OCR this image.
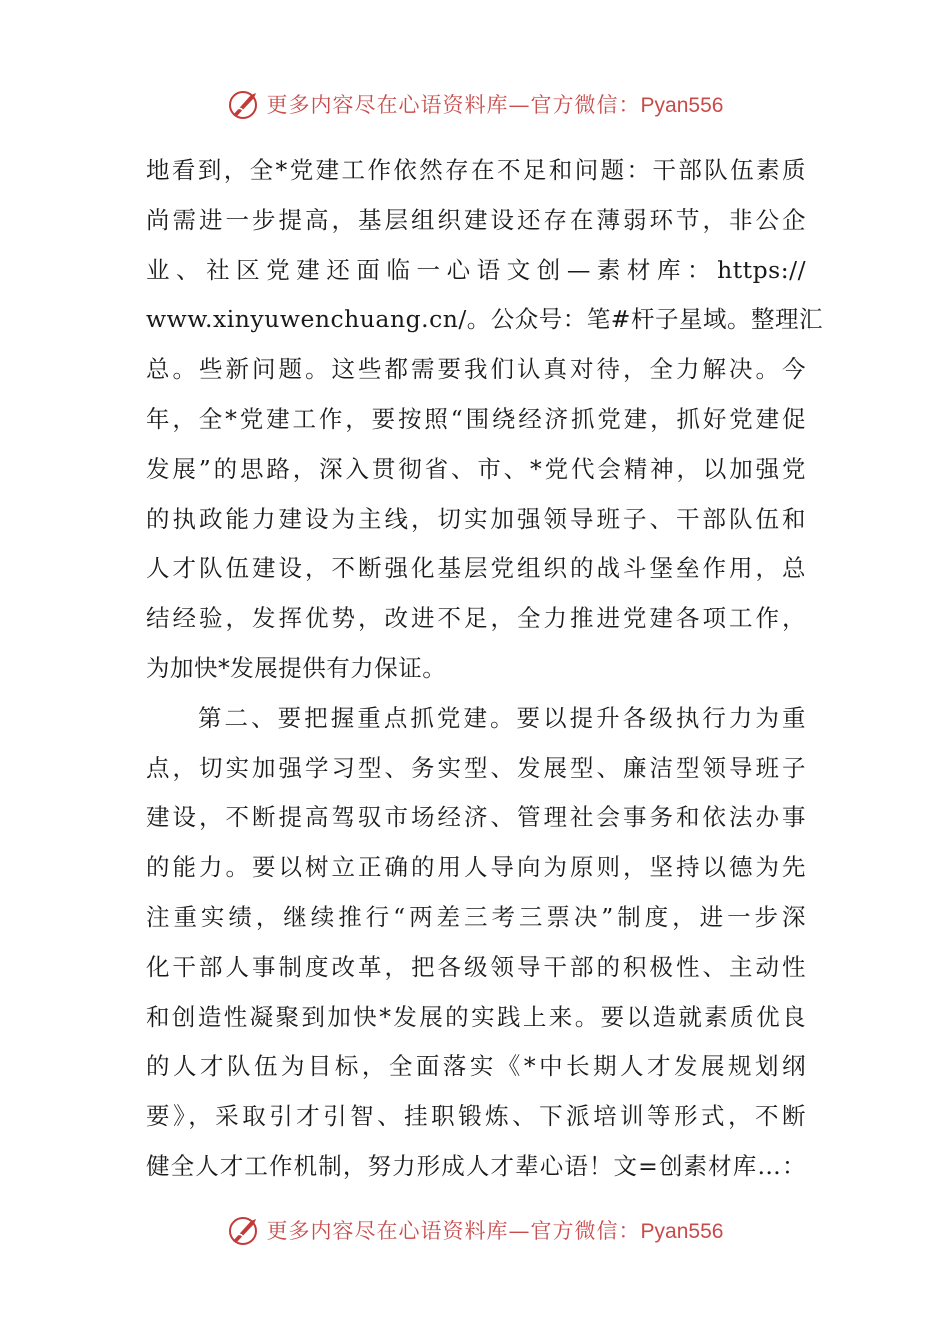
更多内容尽在心语资料库—官方微信：Pyan556
地看到，全*党建工作依然存在不足和问题：干部队伍素质
尚需进一步提高，基层组织建设还存在薄弱环节，非公企
业、社区党建还面临一心语文创—素材库：https://
www.xinyuwenchuang.cn/。公众号：笔#杆子星域。整理汇
总。些新问题。这些都需要我们认真对待，全力解决。今
年，全*党建工作，要按照“围绕经济抓党建，抓好党建促
发展”的思路，深入贯彻省、市、*党代会精神，以加强党
的执政能力建设为主线，切实加强领导班子、干部队伍和
人才队伍建设，不断强化基层党组织的战斗堡垒作用，总
结经验，发挥优势，改进不足，全力推进党建各项工作，
为加快*发展提供有力保证。
第二、要把握重点抓党建。要以提升各级执行力为重
点，切实加强学习型、务实型、发展型、廉洁型领导班子
建设，不断提高驾驭市场经济、管理社会事务和依法办事
的能力。要以树立正确的用人导向为原则，坚持以德为先
注重实绩，继续推行“两差三考三票决”制度，进一步深
化干部人事制度改革，把各级领导干部的积极性、主动性
和创造性凝聚到加快*发展的实践上来。要以造就素质优良
的人才队伍为目标，全面落实《*中长期人才发展规划纲
要》，采取引才引智、挂职锻炼、下派培训等形式，不断
健全人才工作机制，努力形成人才辈心语！文=创素材库…：
更多内容尽在心语资料库—官方微信：Pyan556
